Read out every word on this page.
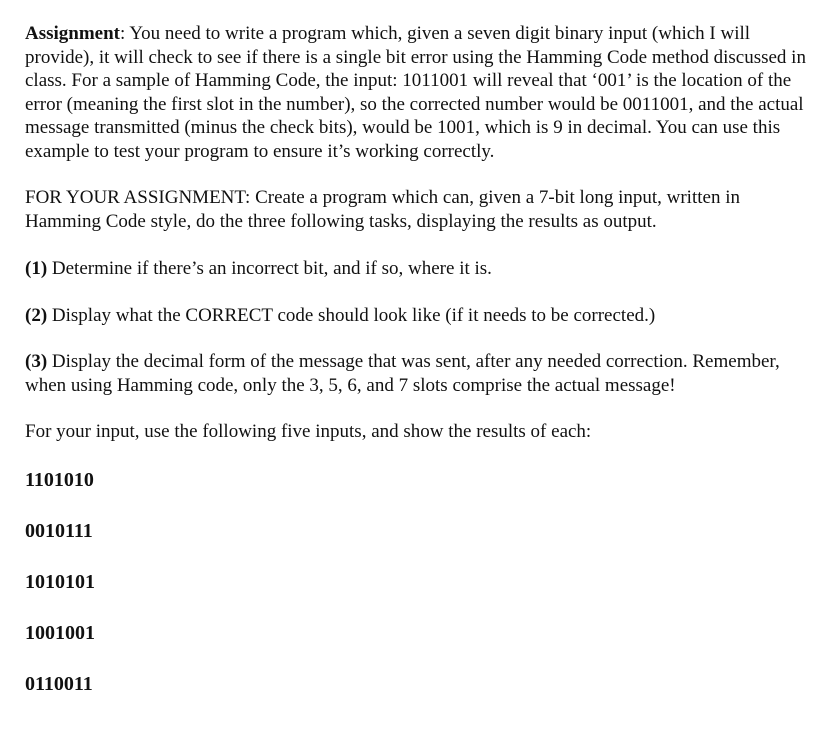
Assignment: You need to write a program which, given a seven digit binary input (which I will provide), it will check to see if there is a single bit error using the Hamming Code method discussed in class. For a sample of Hamming Code, the input: 1011001 will reveal that ‘001’ is the location of the error (meaning the first slot in the number), so the corrected number would be 0011001, and the actual message transmitted (minus the check bits), would be 1001, which is 9 in decimal. You can use this example to test your program to ensure it’s working correctly.

FOR YOUR ASSIGNMENT: Create a program which can, given a 7-bit long input, written in Hamming Code style, do the three following tasks, displaying the results as output.

(1) Determine if there’s an incorrect bit, and if so, where it is.

(2) Display what the CORRECT code should look like (if it needs to be corrected.)

(3) Display the decimal form of the message that was sent, after any needed correction. Remember, when using Hamming code, only the 3, 5, 6, and 7 slots comprise the actual message!

For your input, use the following five inputs, and show the results of each:

1101010

0010111

1010101

1001001

0110011
